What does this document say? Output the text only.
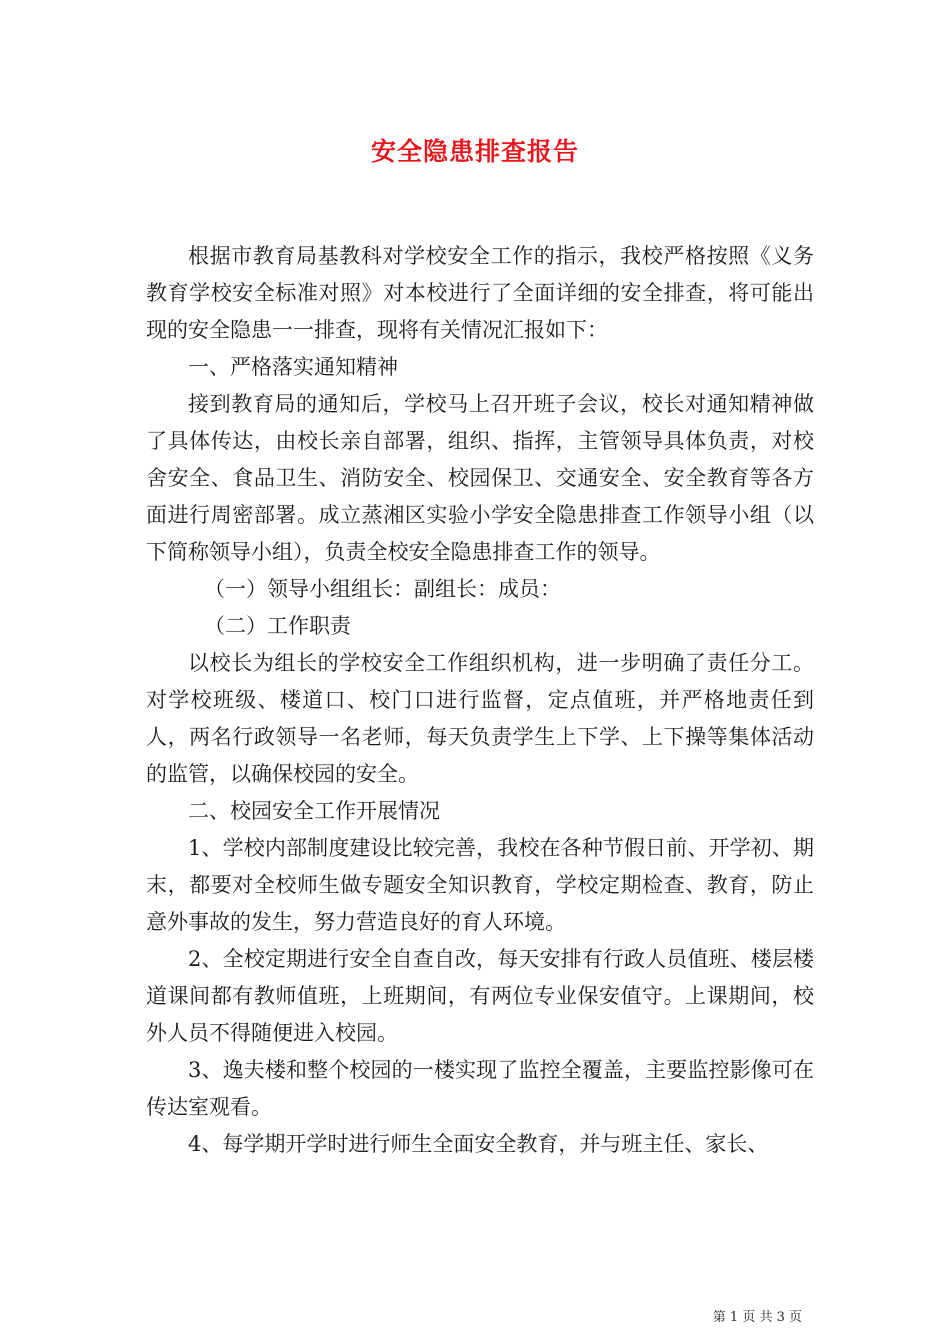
安全隐患排查报告

根据市教育局基教科对学校安全工作的指示，我校严格按照《义务教育学校安全标准对照》对本校进行了全面详细的安全排查，将可能出现的安全隐患一一排查，现将有关情况汇报如下：

一、严格落实通知精神

接到教育局的通知后，学校马上召开班子会议，校长对通知精神做了具体传达，由校长亲自部署，组织、指挥，主管领导具体负责，对校舍安全、食品卫生、消防安全、校园保卫、交通安全、安全教育等各方面进行周密部署。成立蒸湘区实验小学安全隐患排查工作领导小组（以下简称领导小组），负责全校安全隐患排查工作的领导。

（一）领导小组组长：副组长：成员：

（二）工作职责

以校长为组长的学校安全工作组织机构，进一步明确了责任分工。对学校班级、楼道口、校门口进行监督，定点值班，并严格地责任到人，两名行政领导一名老师，每天负责学生上下学、上下操等集体活动的监管，以确保校园的安全。

二、校园安全工作开展情况

1、学校内部制度建设比较完善，我校在各种节假日前、开学初、期末，都要对全校师生做专题安全知识教育，学校定期检查、教育，防止意外事故的发生，努力营造良好的育人环境。

2、全校定期进行安全自查自改，每天安排有行政人员值班、楼层楼道课间都有教师值班，上班期间，有两位专业保安值守。上课期间，校外人员不得随便进入校园。

3、逸夫楼和整个校园的一楼实现了监控全覆盖，主要监控影像可在传达室观看。

4、每学期开学时进行师生全面安全教育，并与班主任、家长、

第 1 页 共 3 页
